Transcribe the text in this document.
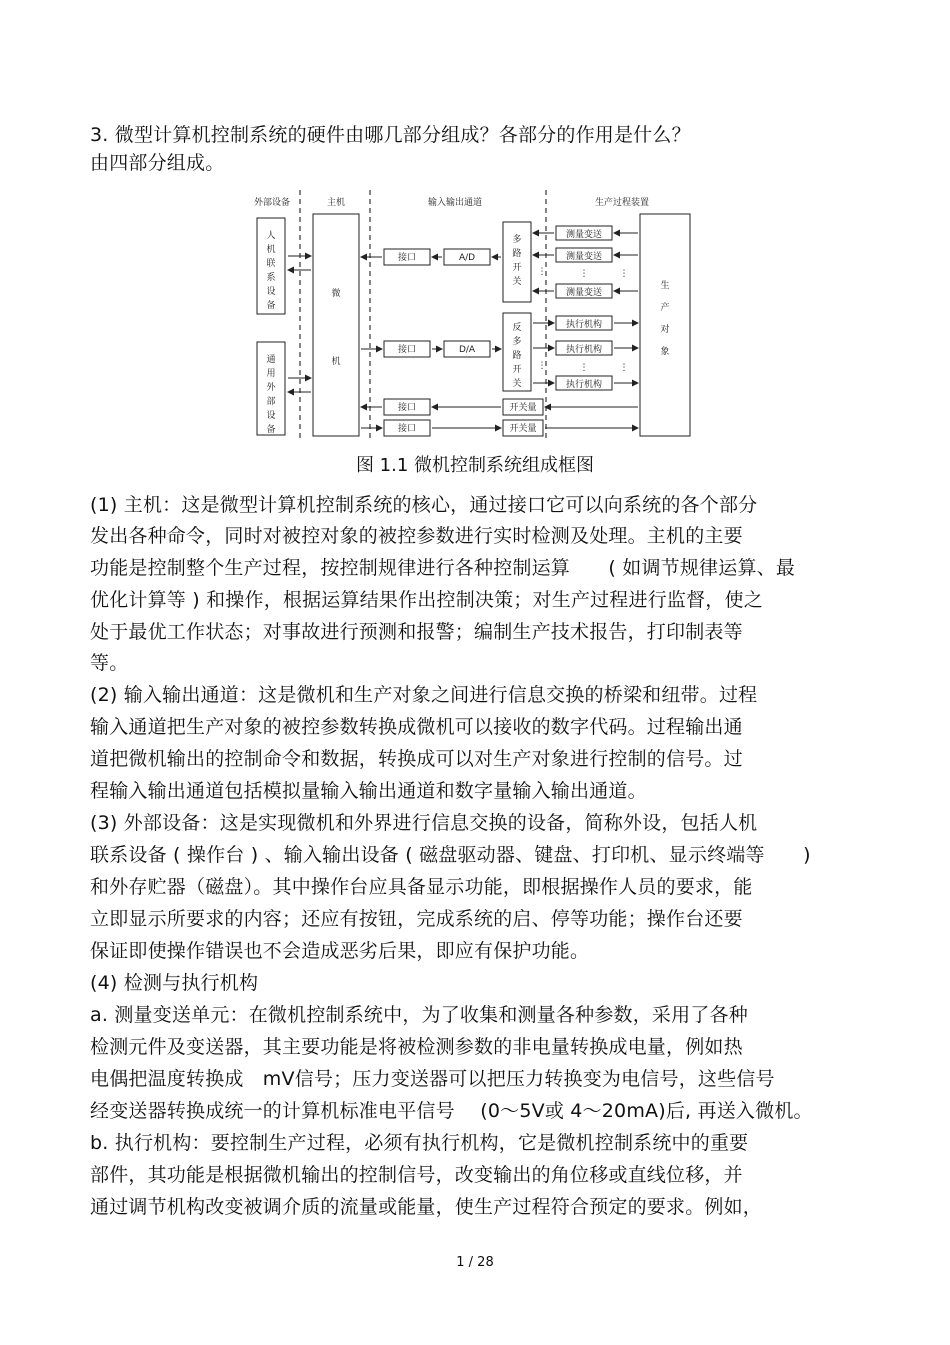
3. 微型计算机控制系统的硬件由哪几部分组成？各部分的作用是什么？
由四部分组成。
外部设备	主机	输入输出通道	生产过程装置
人
机
联
系
设
备
通
用
外
部
设
备
微
机
接口	A/D
接口	D/A
接口
接口
多
路
开
关
反
多
路
开
关
开关量
开关量
测量变送
测量变送
测量变送
执行机构
执行机构
执行机构
⋮	⋮
⋮
⋮	⋮
⋮
生
产
对
象
图 1.1 微机控制系统组成框图
(1) 主机：这是微型计算机控制系统的核心，通过接口它可以向系统的各个部分
发出各种命令，同时对被控对象的被控参数进行实时检测及处理。主机的主要
功能是控制整个生产过程，按控制规律进行各种控制运算　　( 如调节规律运算、最
优化计算等 ) 和操作，根据运算结果作出控制决策；对生产过程进行监督，使之
处于最优工作状态；对事故进行预测和报警；编制生产技术报告，打印制表等
等。
(2) 输入输出通道：这是微机和生产对象之间进行信息交换的桥梁和纽带。过程
输入通道把生产对象的被控参数转换成微机可以接收的数字代码。过程输出通
道把微机输出的控制命令和数据，转换成可以对生产对象进行控制的信号。过
程输入输出通道包括模拟量输入输出通道和数字量输入输出通道。
(3) 外部设备：这是实现微机和外界进行信息交换的设备，简称外设，包括人机
联系设备 ( 操作台 ) 、输入输出设备 ( 磁盘驱动器、键盘、打印机、显示终端等　　)
和外存贮器（磁盘）。其中操作台应具备显示功能，即根据操作人员的要求，能
立即显示所要求的内容；还应有按钮，完成系统的启、停等功能；操作台还要
保证即使操作错误也不会造成恶劣后果，即应有保护功能。
(4) 检测与执行机构
a. 测量变送单元：在微机控制系统中，为了收集和测量各种参数，采用了各种
检测元件及变送器，其主要功能是将被检测参数的非电量转换成电量，例如热
电偶把温度转换成　mV信号；压力变送器可以把压力转换变为电信号，这些信号
经变送器转换成统一的计算机标准电平信号　 (0～5V或 4～20mA)后, 再送入微机。
b. 执行机构：要控制生产过程，必须有执行机构，它是微机控制系统中的重要
部件，其功能是根据微机输出的控制信号，改变输出的角位移或直线位移，并
通过调节机构改变被调介质的流量或能量，使生产过程符合预定的要求。例如，
1 / 28
